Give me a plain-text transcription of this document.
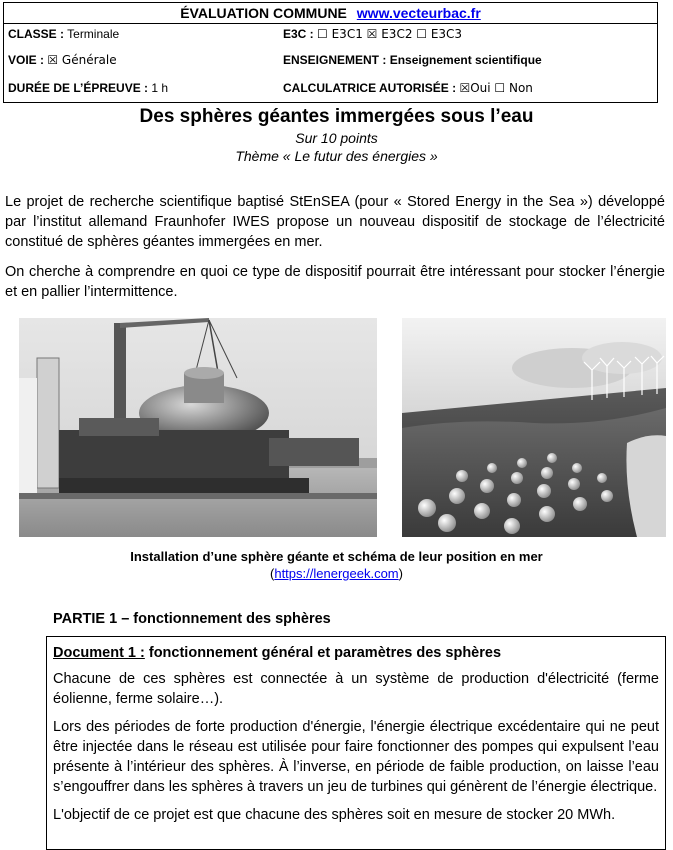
ÉVALUATION COMMUNE www.vecteurbac.fr
CLASSE : Terminale	E3C : ☐ E3C1 ☒ E3C2 ☐ E3C3
VOIE : ☒ Générale	ENSEIGNEMENT : Enseignement scientifique
DURÉE DE L’ÉPREUVE : 1 h	CALCULATRICE AUTORISÉE : ☒Oui ☐ Non
Des sphères géantes immergées sous l’eau
Sur 10 points
Thème « Le futur des énergies »

Le projet de recherche scientifique baptisé StEnSEA (pour « Stored Energy in the Sea ») développé par l’institut allemand Fraunhofer IWES propose un nouveau dispositif de stockage de l’électricité constitué de sphères géantes immergées en mer.

On cherche à comprendre en quoi ce type de dispositif pourrait être intéressant pour stocker l’énergie et en pallier l’intermittence.

Installation d’une sphère géante et schéma de leur position en mer
(https://lenergeek.com)
PARTIE 1 – fonctionnement des sphères
Document 1 : fonctionnement général et paramètres des sphères

Chacune de ces sphères est connectée à un système de production d'électricité (ferme éolienne, ferme solaire…).

Lors des périodes de forte production d'énergie, l'énergie électrique excédentaire qui ne peut être injectée dans le réseau est utilisée pour faire fonctionner des pompes qui expulsent l’eau présente à l’intérieur des sphères. À l’inverse, en période de faible production, on laisse l’eau s’engouffrer dans les sphères à travers un jeu de turbines qui génèrent de l’énergie électrique.

L'objectif de ce projet est que chacune des sphères soit en mesure de stocker 20 MWh.
